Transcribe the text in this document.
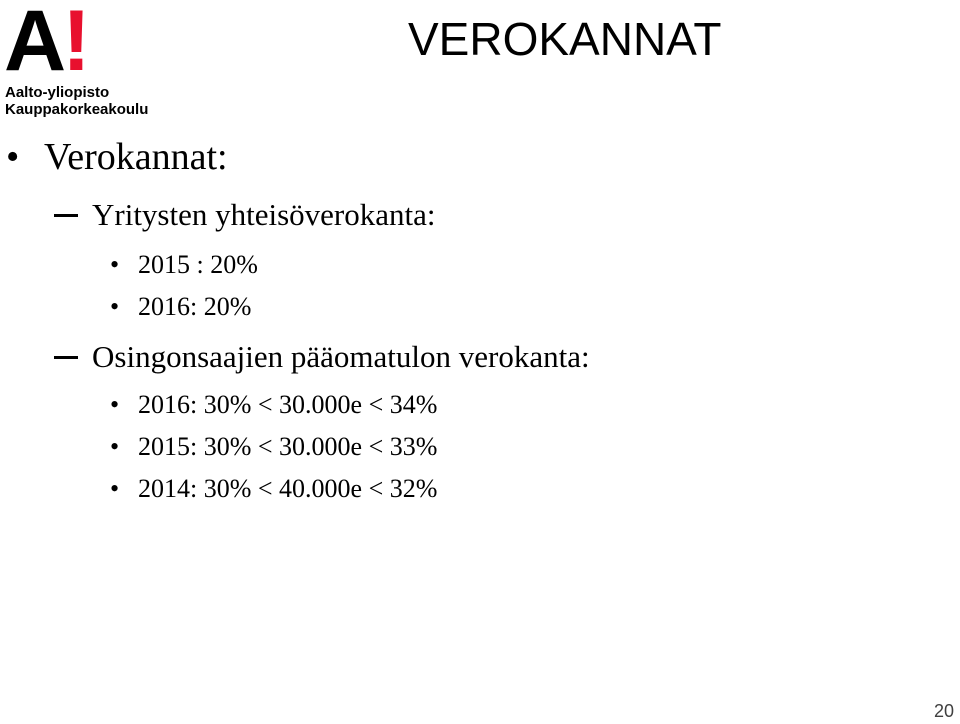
A!
Aalto-yliopisto
Kauppakorkeakoulu
VEROKANNAT
• Verokannat:
Yritysten yhteisöverokanta:
• 2015 : 20%
• 2016: 20%
Osingonsaajien pääomatulon verokanta:
• 2016: 30% < 30.000e < 34%
• 2015: 30% < 30.000e < 33%
• 2014: 30% < 40.000e < 32%
20
